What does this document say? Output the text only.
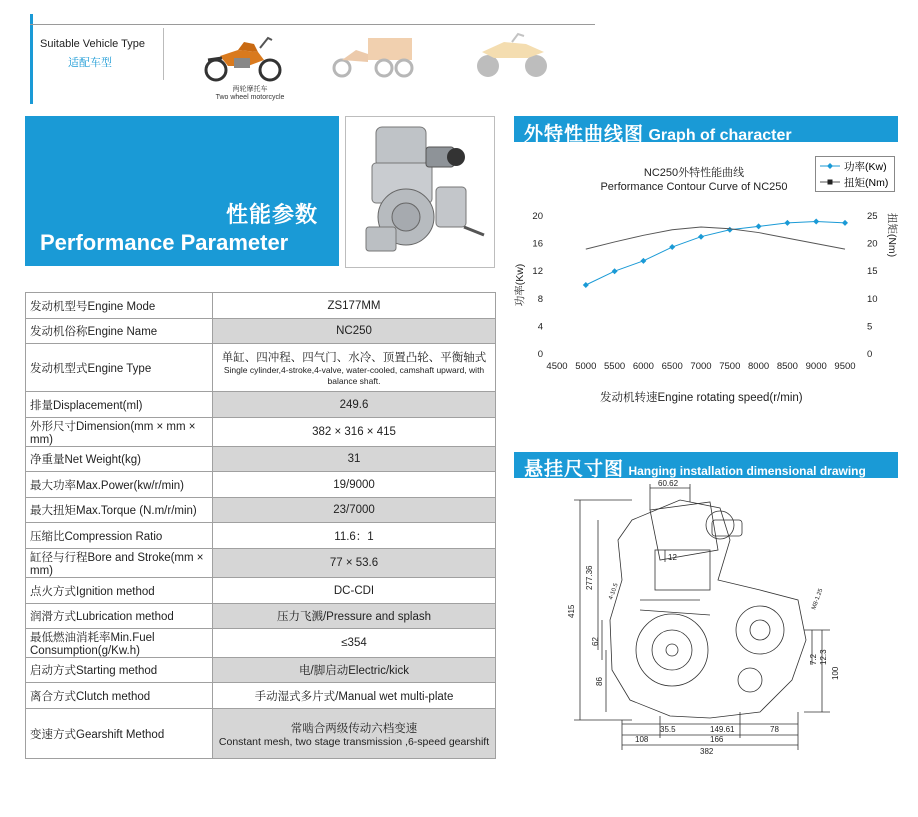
Suitable Vehicle Type
适配车型
两轮摩托车
Two wheel motorcycle
性能参数
Performance Parameter
发动机型号Engine Mode	ZS177MM
发动机俗称Engine Name	NC250
发动机型式Engine Type	单缸、四冲程、四气门、水冷、顶置凸轮、平衡轴式
Single cylinder,4-stroke,4-valve, water-cooled, camshaft upward, with balance shaft.

排量Displacement(ml)	249.6
外形尺寸Dimension(mm × mm × mm)	382 × 316 × 415
净重量Net Weight(kg)	31
最大功率Max.Power(kw/r/min)	19/9000
最大扭矩Max.Torque (N.m/r/min)	23/7000
压缩比Compression Ratio	11.6：1
缸径与行程Bore and Stroke(mm × mm)	77 × 53.6
点火方式Ignition method	DC-CDI
润滑方式Lubrication method	压力飞溅/Pressure and splash
最低燃油消耗率Min.Fuel Consumption(g/Kw.h)	≤354
启动方式Starting method	电/脚启动Electric/kick
离合方式Clutch method	手动湿式多片式/Manual wet multi-plate
变速方式Gearshift Method	常啮合两级传动六档变速
Constant mesh, two stage transmission ,6-speed gearshift
外特性曲线图 Graph of character
NC250外特性能曲线
Performance Contour Curve of NC250
功率(Kw)
扭矩(Nm)
4500 5000 5500 6000 6500 7000 7500 8000 8500 9000 9500
0
4
8
12
16
20
0
5
10
15
20
25
功率(Kw)
扭矩(Nm)
发动机转速Engine rotating speed(r/min)
悬挂尺寸图 Hanging installation dimensional drawing
60.62
12
277.36
415
62
86
35.5	149.61	78
108	166
382
7.2 12.3
100
4-10.5	M8-1.25
